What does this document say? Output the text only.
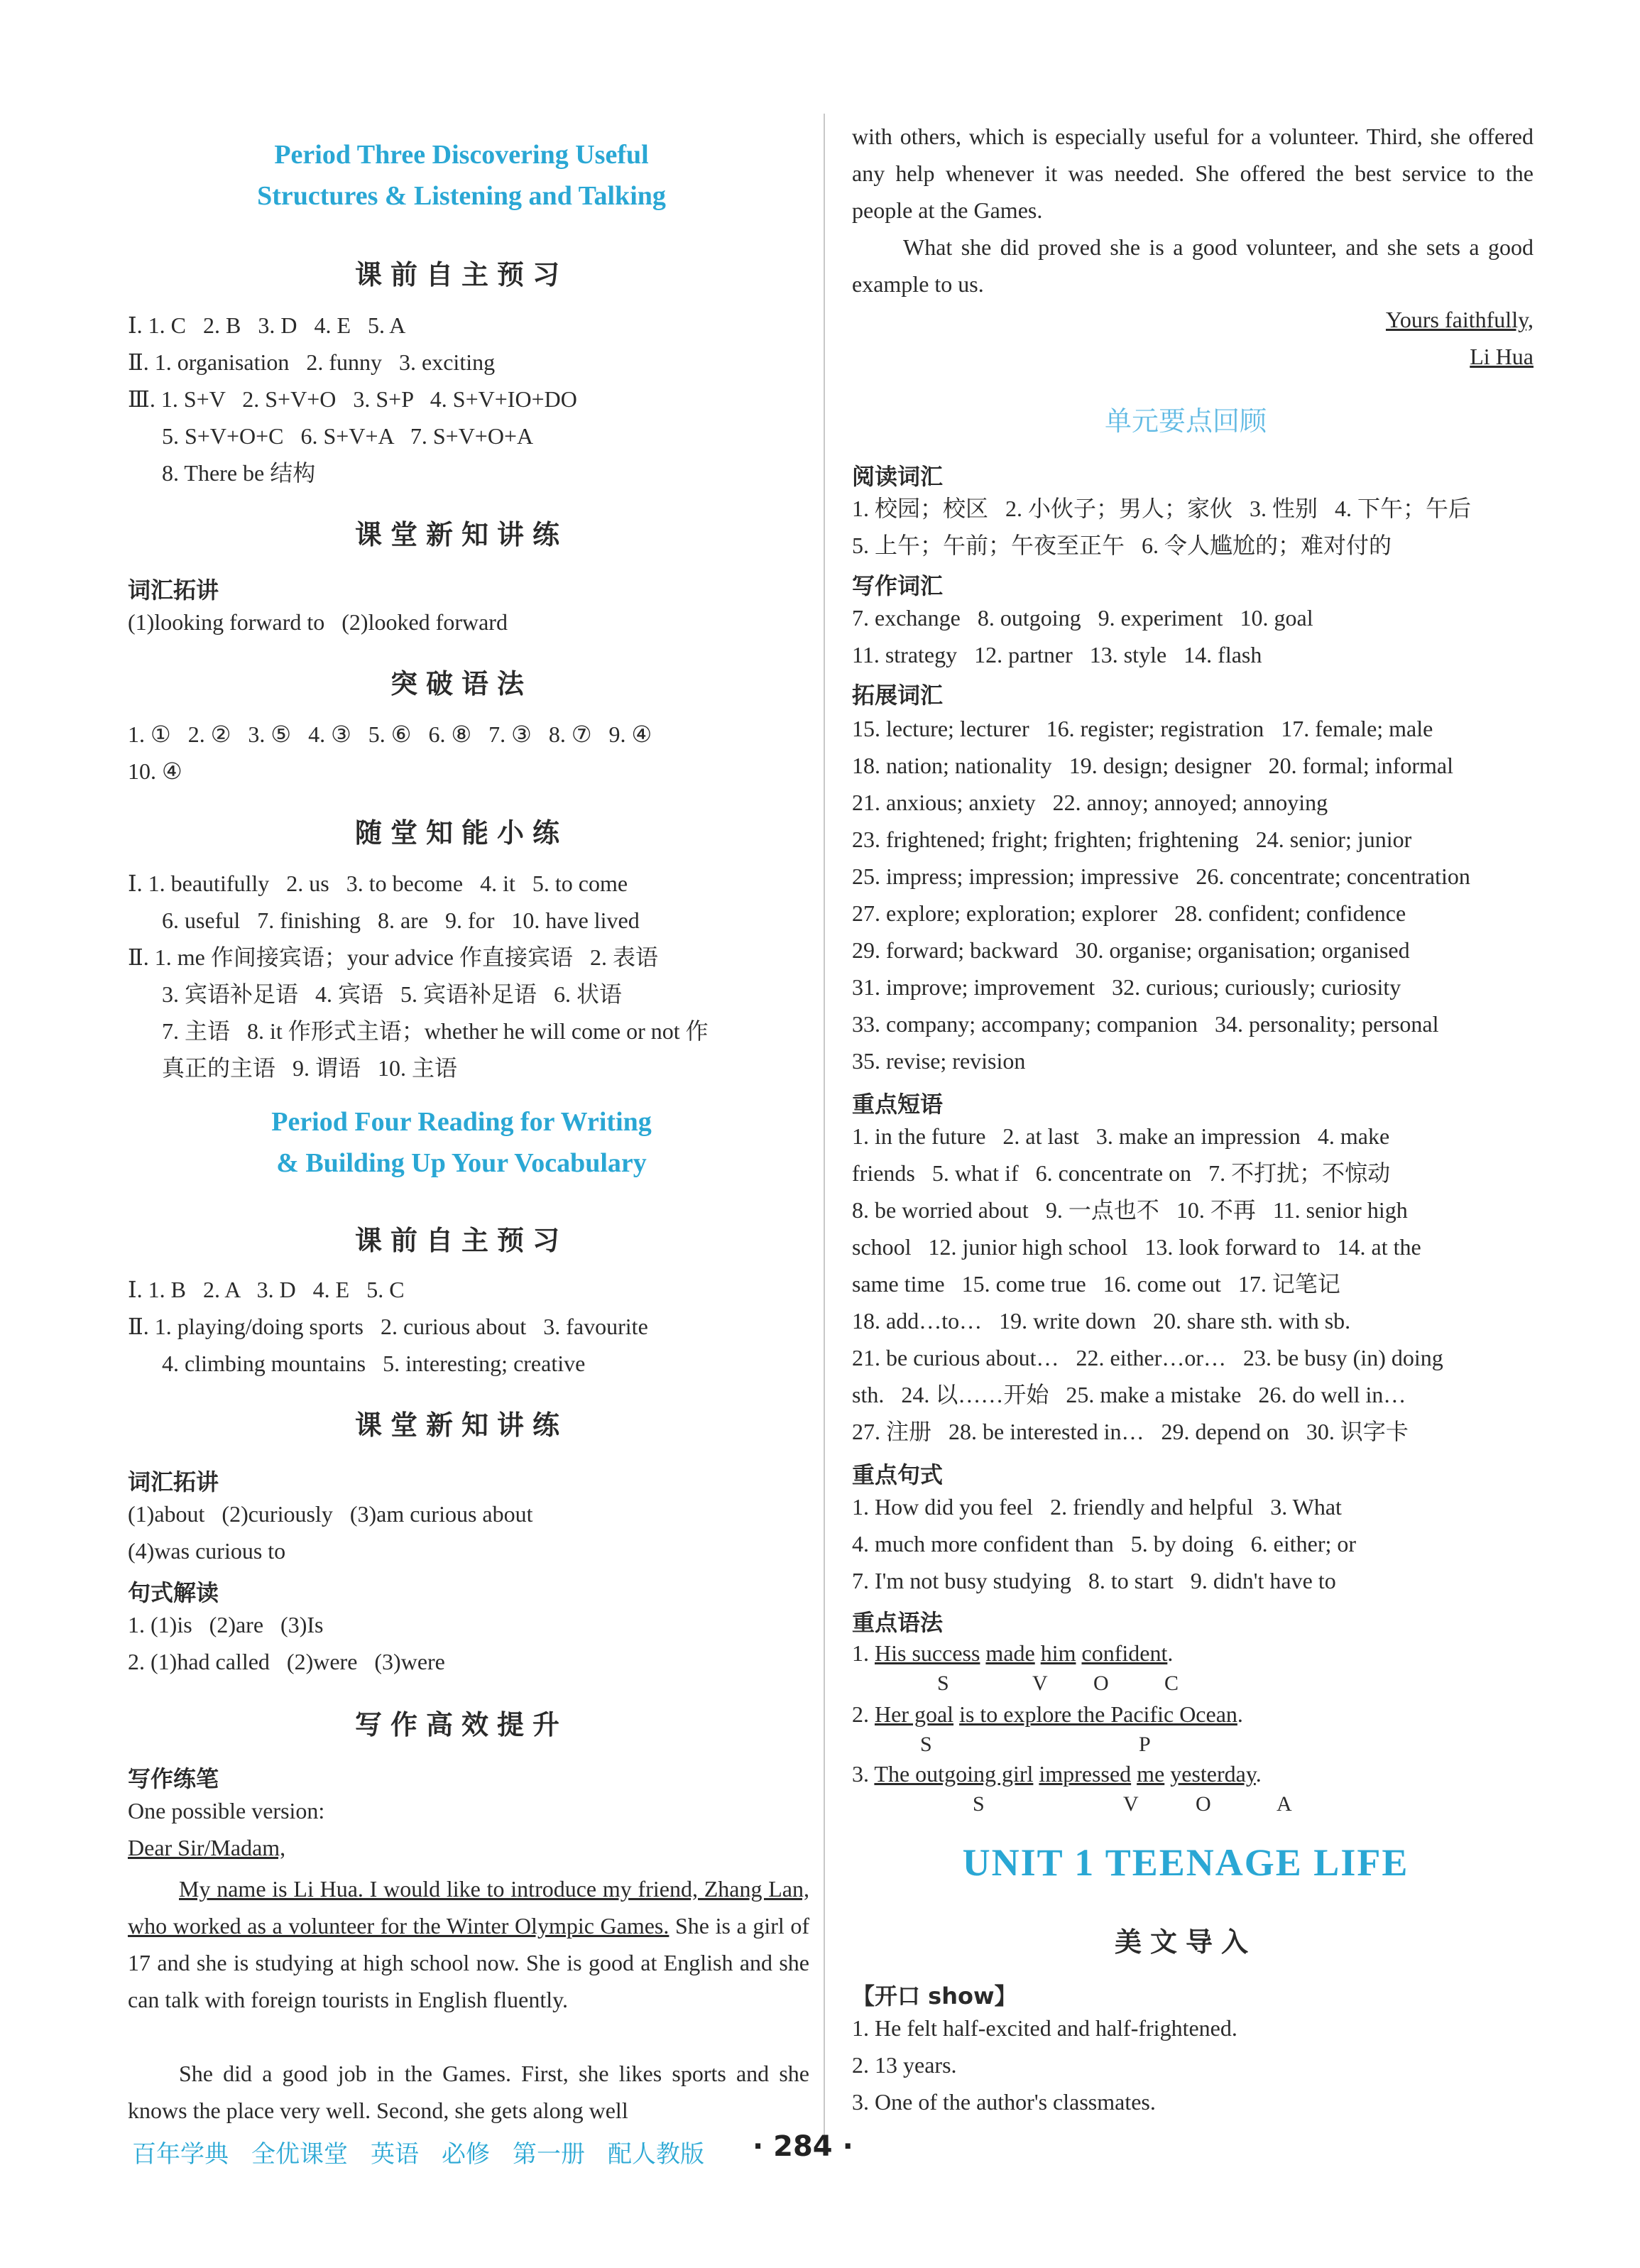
Period Three Discovering Useful
Structures & Listening and Talking
课前自主预习
Ⅰ. 1. C   2. B   3. D   4. E   5. A
Ⅱ. 1. organisation   2. funny   3. exciting
Ⅲ. 1. S+V   2. S+V+O   3. S+P   4. S+V+IO+DO
5. S+V+O+C   6. S+V+A   7. S+V+O+A
8. There be 结构
课堂新知讲练
词汇拓讲
(1)looking forward to   (2)looked forward
突破语法
1. ①   2. ②   3. ⑤   4. ③   5. ⑥   6. ⑧   7. ③   8. ⑦   9. ④
10. ④
随堂知能小练
Ⅰ. 1. beautifully   2. us   3. to become   4. it   5. to come
6. useful   7. finishing   8. are   9. for   10. have lived
Ⅱ. 1. me 作间接宾语；your advice 作直接宾语   2. 表语
3. 宾语补足语   4. 宾语   5. 宾语补足语   6. 状语
7. 主语   8. it 作形式主语；whether he will come or not 作
真正的主语   9. 谓语   10. 主语
Period Four Reading for Writing
& Building Up Your Vocabulary
课前自主预习
Ⅰ. 1. B   2. A   3. D   4. E   5. C
Ⅱ. 1. playing/doing sports   2. curious about   3. favourite
4. climbing mountains   5. interesting; creative
课堂新知讲练
词汇拓讲
(1)about   (2)curiously   (3)am curious about
(4)was curious to
句式解读
1. (1)is   (2)are   (3)Is
2. (1)had called   (2)were   (3)were
写作高效提升
写作练笔
One possible version:
Dear Sir/Madam,
My name is Li Hua. I would like to introduce my friend, Zhang Lan, who worked as a volunteer for the Winter Olympic Games. She is a girl of 17 and she is studying at high school now. She is good at English and she can talk with foreign tourists in English fluently.
She did a good job in the Games. First, she likes sports and she knows the place very well. Second, she gets along well
with others, which is especially useful for a volunteer. Third, she offered any help whenever it was needed. She offered the best service to the people at the Games.
What she did proved she is a good volunteer, and she sets a good example to us.
Yours faithfully,
Li Hua
单元要点回顾
阅读词汇
1. 校园；校区   2. 小伙子；男人；家伙   3. 性别   4. 下午；午后
5. 上午；午前；午夜至正午   6. 令人尴尬的；难对付的
写作词汇
7. exchange   8. outgoing   9. experiment   10. goal
11. strategy   12. partner   13. style   14. flash
拓展词汇
15. lecture; lecturer   16. register; registration   17. female; male
18. nation; nationality   19. design; designer   20. formal; informal
21. anxious; anxiety   22. annoy; annoyed; annoying
23. frightened; fright; frighten; frightening   24. senior; junior
25. impress; impression; impressive   26. concentrate; concentration
27. explore; exploration; explorer   28. confident; confidence
29. forward; backward   30. organise; organisation; organised
31. improve; improvement   32. curious; curiously; curiosity
33. company; accompany; companion   34. personality; personal
35. revise; revision
重点短语
1. in the future   2. at last   3. make an impression   4. make
friends   5. what if   6. concentrate on   7. 不打扰；不惊动
8. be worried about   9. 一点也不   10. 不再   11. senior high
school   12. junior high school   13. look forward to   14. at the
same time   15. come true   16. come out   17. 记笔记
18. add…to…   19. write down   20. share sth. with sb.
21. be curious about…   22. either…or…   23. be busy (in) doing
sth.   24. 以……开始   25. make a mistake   26. do well in…
27. 注册   28. be interested in…   29. depend on   30. 识字卡
重点句式
1. How did you feel   2. friendly and helpful   3. What
4. much more confident than   5. by doing   6. either; or
7. I'm not busy studying   8. to start   9. didn't have to
重点语法
1. His success made him confident.
S	V O	C
2. Her goal is to explore the Pacific Ocean.
S	P
3. The outgoing girl impressed me yesterday.
S	V	O	A
UNIT 1 TEENAGE LIFE
美文导入
【开口 show】
1. He felt half-excited and half-frightened.
2. 13 years.
3. One of the author's classmates.
百年学典 全优课堂 英语 必修 第一册 配人教版	· 284 ·
